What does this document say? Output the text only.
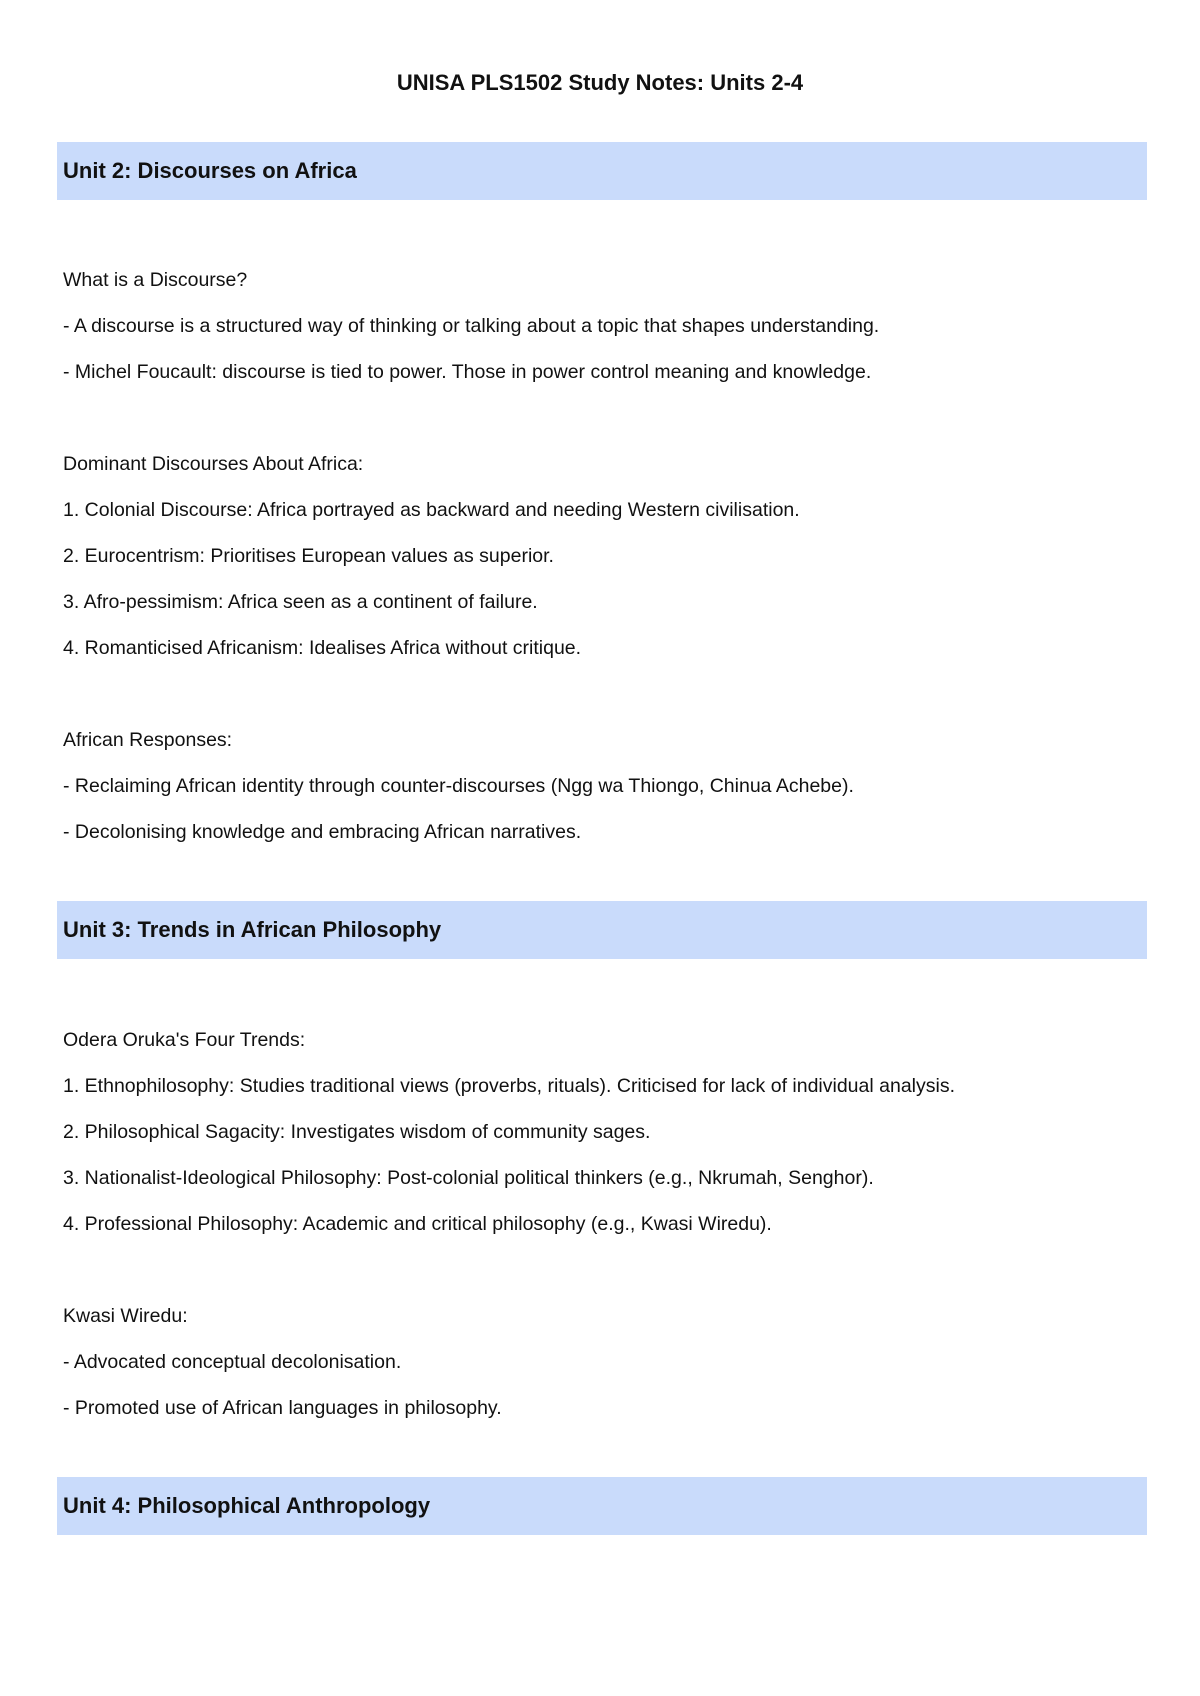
UNISA PLS1502 Study Notes: Units 2-4
Unit 2: Discourses on Africa
What is a Discourse?
- A discourse is a structured way of thinking or talking about a topic that shapes understanding.
- Michel Foucault: discourse is tied to power. Those in power control meaning and knowledge.
Dominant Discourses About Africa:
1. Colonial Discourse: Africa portrayed as backward and needing Western civilisation.
2. Eurocentrism: Prioritises European values as superior.
3. Afro-pessimism: Africa seen as a continent of failure.
4. Romanticised Africanism: Idealises Africa without critique.
African Responses:
- Reclaiming African identity through counter-discourses (Ngg wa Thiongo, Chinua Achebe).
- Decolonising knowledge and embracing African narratives.
Unit 3: Trends in African Philosophy
Odera Oruka's Four Trends:
1. Ethnophilosophy: Studies traditional views (proverbs, rituals). Criticised for lack of individual analysis.
2. Philosophical Sagacity: Investigates wisdom of community sages.
3. Nationalist-Ideological Philosophy: Post-colonial political thinkers (e.g., Nkrumah, Senghor).
4. Professional Philosophy: Academic and critical philosophy (e.g., Kwasi Wiredu).
Kwasi Wiredu:
- Advocated conceptual decolonisation.
- Promoted use of African languages in philosophy.
Unit 4: Philosophical Anthropology
